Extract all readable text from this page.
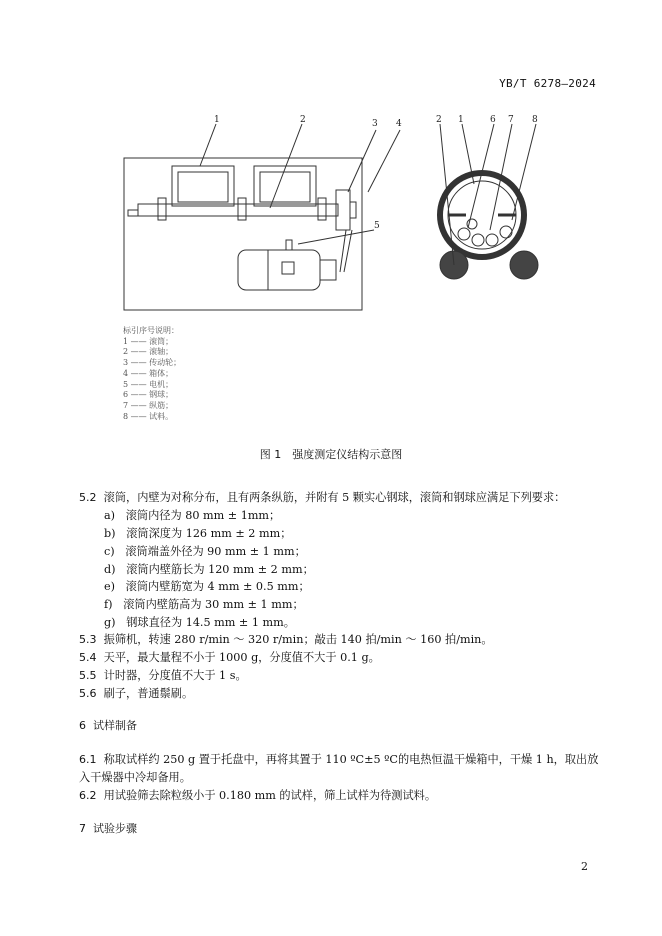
YB/T 6278—2024
1	2	3 4
5
2 1	6 7 8
标引序号说明：
1 —— 滚筒；
2 —— 滚轴；
3 —— 传动轮；
4 —— 箱体；
5 —— 电机；
6 —— 钢球；
7 —— 纵筋；
8 —— 试料。
图 1　强度测定仪结构示意图
5.2 滚筒，内壁为对称分布，且有两条纵筋，并附有 5 颗实心钢球，滚筒和钢球应满足下列要求：
a) 滚筒内径为 80 mm ± 1mm；
b) 滚筒深度为 126 mm ± 2 mm；
c) 滚筒端盖外径为 90 mm ± 1 mm；
d) 滚筒内壁筋长为 120 mm ± 2 mm；
e) 滚筒内壁筋宽为 4 mm ± 0.5 mm；
f) 滚筒内壁筋高为 30 mm ± 1 mm；
g) 钢球直径为 14.5 mm ± 1 mm。
5.3 振筛机，转速 280 r/min ～ 320 r/min；敲击 140 拍/min ～ 160 拍/min。
5.4 天平，最大量程不小于 1000 g，分度值不大于 0.1 g。
5.5 计时器，分度值不大于 1 s。
5.6 刷子，普通鬃刷。
6 试样制备
6.1 称取试样约 250 g 置于托盘中，再将其置于 110 ºC±5 ºC的电热恒温干燥箱中，干燥 1 h，取出放
入干燥器中冷却备用。
6.2 用试验筛去除粒级小于 0.180 mm 的试样，筛上试样为待测试料。
7 试验步骤
2
